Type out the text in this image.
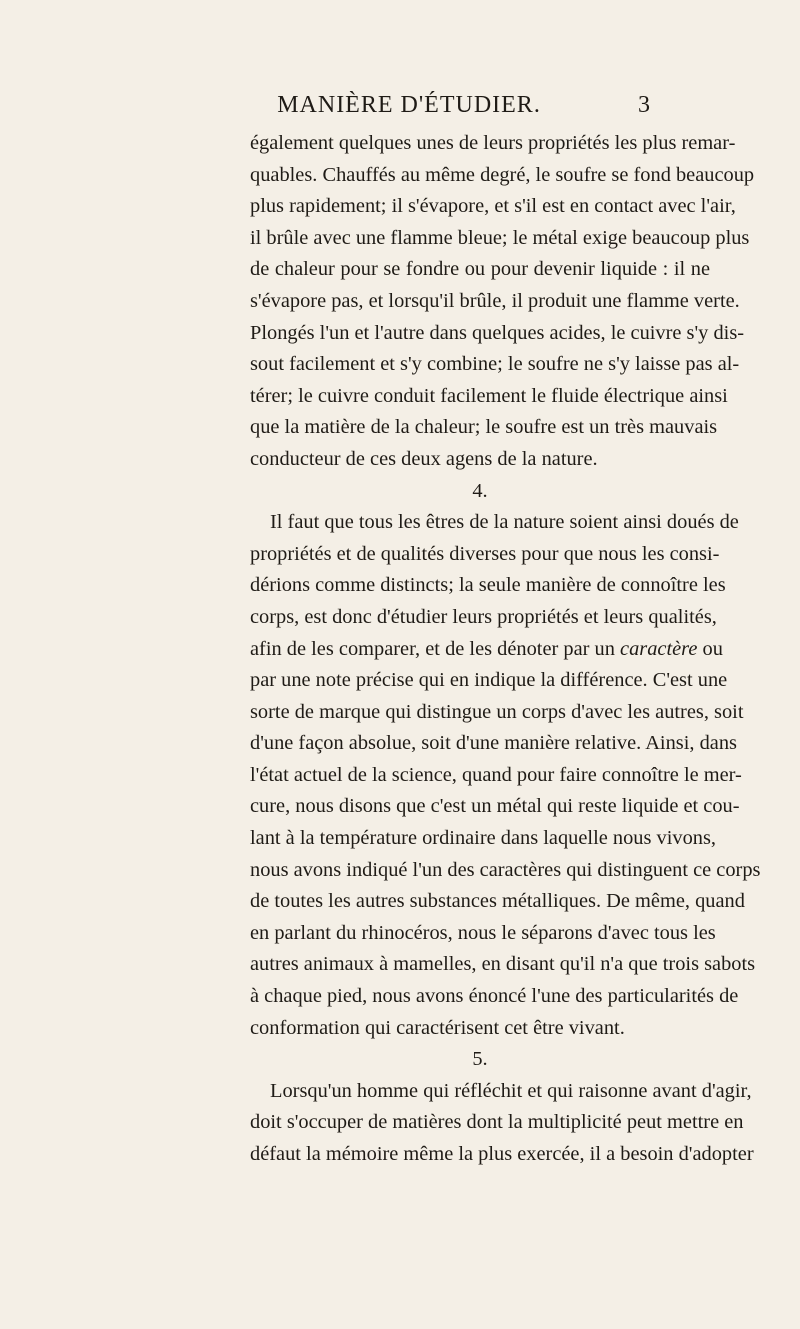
MANIÈRE D'ÉTUDIER.	3
également quelques unes de leurs propriétés les plus remar-
quables. Chauffés au même degré, le soufre se fond beaucoup
plus rapidement; il s'évapore, et s'il est en contact avec l'air,
il brûle avec une flamme bleue; le métal exige beaucoup plus
de chaleur pour se fondre ou pour devenir liquide : il ne
s'évapore pas, et lorsqu'il brûle, il produit une flamme verte.
Plongés l'un et l'autre dans quelques acides, le cuivre s'y dis-
sout facilement et s'y combine; le soufre ne s'y laisse pas al-
térer; le cuivre conduit facilement le fluide électrique ainsi
que la matière de la chaleur; le soufre est un très mauvais
conducteur de ces deux agens de la nature.
4.
Il faut que tous les êtres de la nature soient ainsi doués de
propriétés et de qualités diverses pour que nous les consi-
dérions comme distincts; la seule manière de connoître les
corps, est donc d'étudier leurs propriétés et leurs qualités,
afin de les comparer, et de les dénoter par un caractère ou
par une note précise qui en indique la différence. C'est une
sorte de marque qui distingue un corps d'avec les autres, soit
d'une façon absolue, soit d'une manière relative. Ainsi, dans
l'état actuel de la science, quand pour faire connoître le mer-
cure, nous disons que c'est un métal qui reste liquide et cou-
lant à la température ordinaire dans laquelle nous vivons,
nous avons indiqué l'un des caractères qui distinguent ce corps
de toutes les autres substances métalliques. De même, quand
en parlant du rhinocéros, nous le séparons d'avec tous les
autres animaux à mamelles, en disant qu'il n'a que trois sabots
à chaque pied, nous avons énoncé l'une des particularités de
conformation qui caractérisent cet être vivant.
5.
Lorsqu'un homme qui réfléchit et qui raisonne avant d'agir,
doit s'occuper de matières dont la multiplicité peut mettre en
défaut la mémoire même la plus exercée, il a besoin d'adopter
